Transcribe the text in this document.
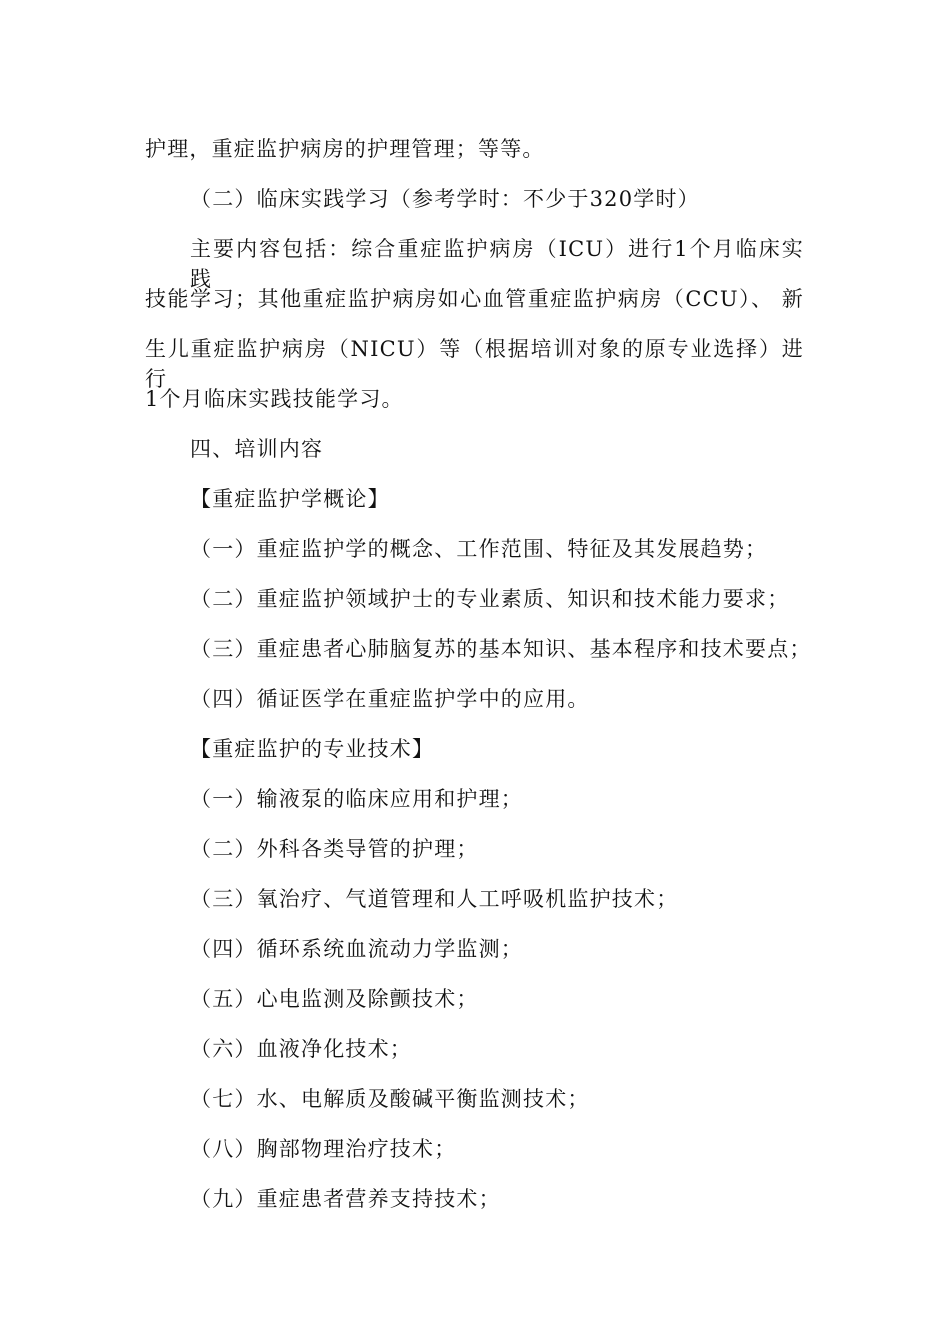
护理，重症监护病房的护理管理；等等。
（二）临床实践学习（参考学时：不少于320学时）
主要内容包括：综合重症监护病房（ICU）进行1个月临床实践
技能学习；其他重症监护病房如心血管重症监护病房（CCU）、 新
生儿重症监护病房（NICU）等（根据培训对象的原专业选择）进行
1个月临床实践技能学习。
四、培训内容
【重症监护学概论】
（一）重症监护学的概念、工作范围、特征及其发展趋势；
（二）重症监护领域护士的专业素质、知识和技术能力要求；
（三）重症患者心肺脑复苏的基本知识、基本程序和技术要点；
（四）循证医学在重症监护学中的应用。
【重症监护的专业技术】
（一）输液泵的临床应用和护理；
（二）外科各类导管的护理；
（三）氧治疗、气道管理和人工呼吸机监护技术；
（四）循环系统血流动力学监测；
（五）心电监测及除颤技术；
（六）血液净化技术；
（七）水、电解质及酸碱平衡监测技术；
（八）胸部物理治疗技术；
（九）重症患者营养支持技术；
